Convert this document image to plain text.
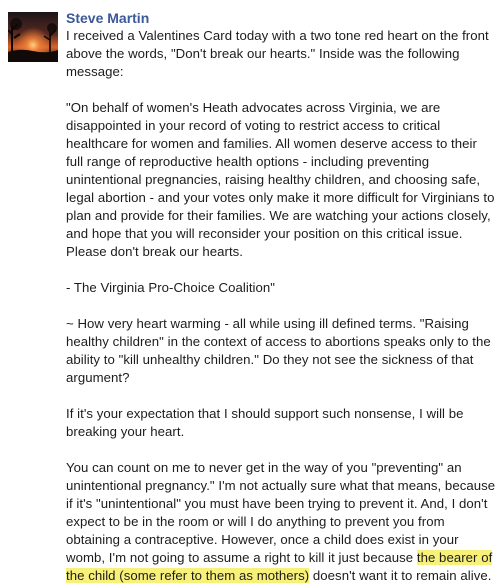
Steve Martin

I received a Valentines Card today with a two tone red heart on the front above the words, "Don't break our hearts." Inside was the following message:

"On behalf of women's Heath advocates across Virginia, we are disappointed in your record of voting to restrict access to critical healthcare for women and families. All women deserve access to their full range of reproductive health options - including preventing unintentional pregnancies, raising healthy children, and choosing safe, legal abortion - and your votes only make it more difficult for Virginians to plan and provide for their families. We are watching your actions closely, and hope that you will reconsider your position on this critical issue. Please don't break our hearts.

- The Virginia Pro-Choice Coalition"

~ How very heart warming - all while using ill defined terms. "Raising healthy children" in the context of access to abortions speaks only to the ability to "kill unhealthy children." Do they not see the sickness of that argument?

If it's your expectation that I should support such nonsense, I will be breaking your heart.

You can count on me to never get in the way of you "preventing" an unintentional pregnancy." I'm not actually sure what that means, because if it's "unintentional" you must have been trying to prevent it. And, I don't expect to be in the room or will I do anything to prevent you from obtaining a contraceptive. However, once a child does exist in your womb, I'm not going to assume a right to kill it just because the bearer of the child (some refer to them as mothers) doesn't want it to remain alive.
